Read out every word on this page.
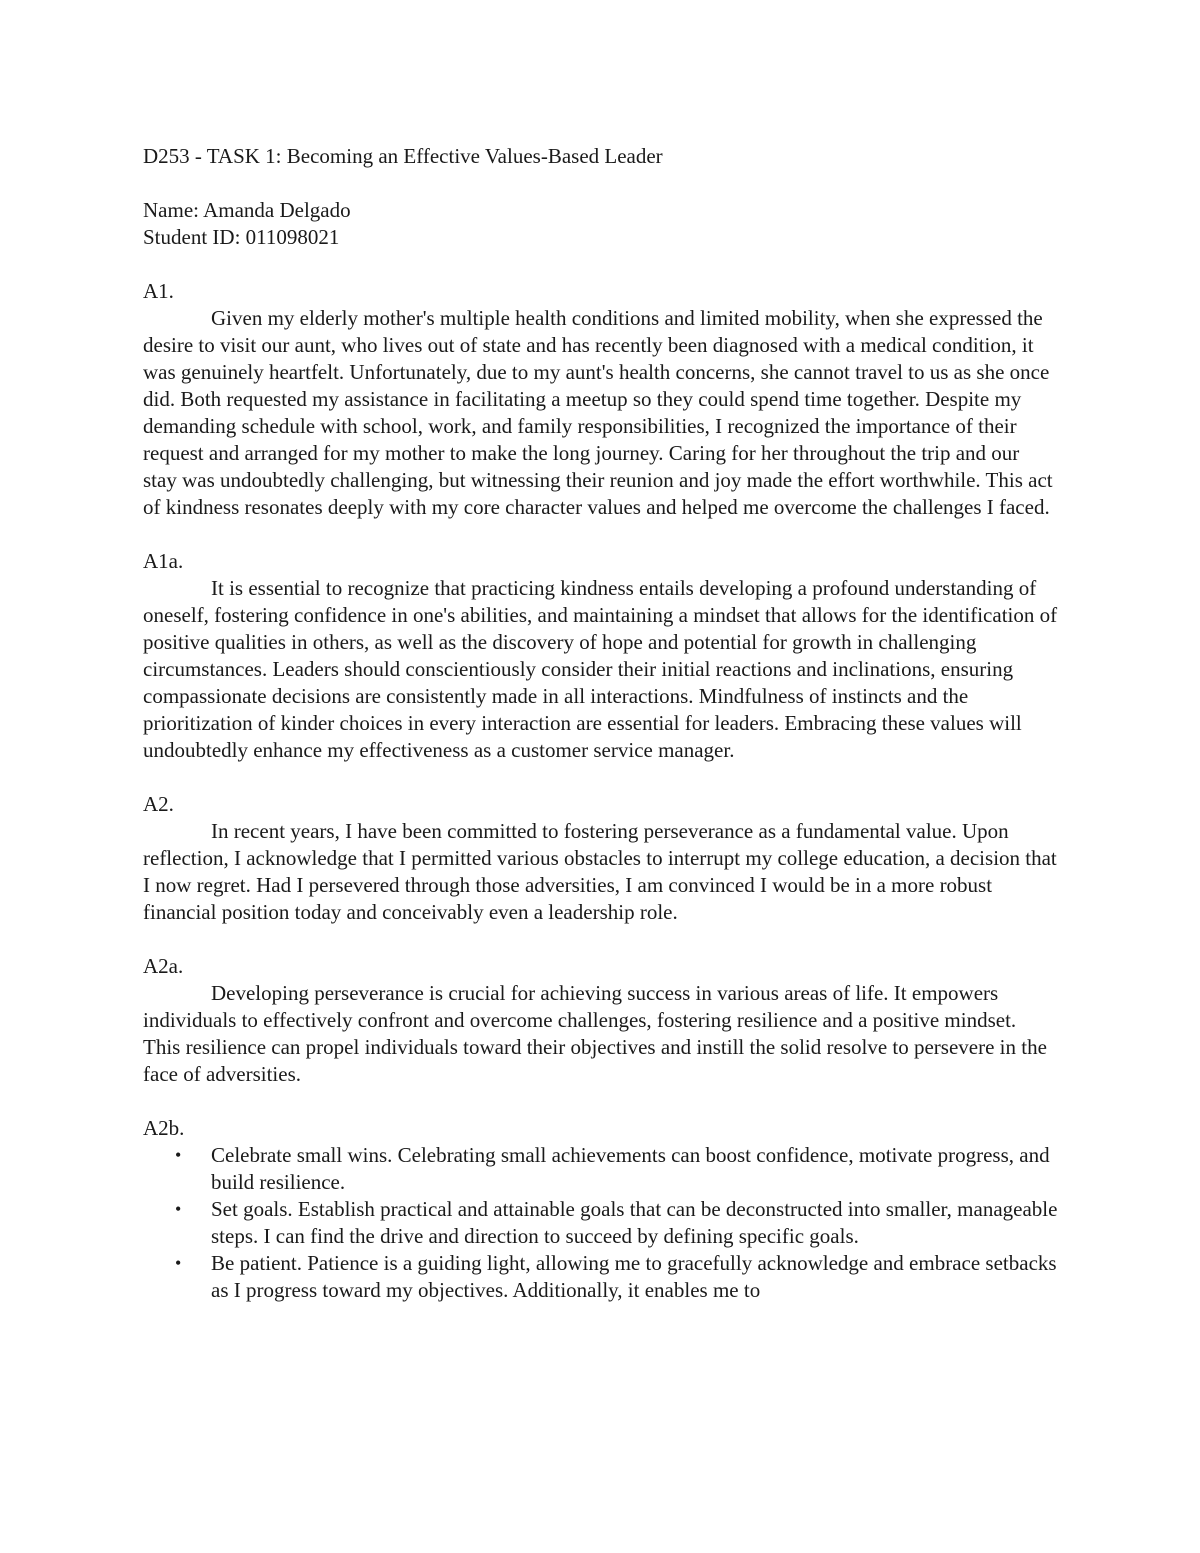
D253 - TASK 1: Becoming an Effective Values-Based Leader

Name: Amanda Delgado

Student ID: 011098021

A1.

Given my elderly mother's multiple health conditions and limited mobility, when she expressed the desire to visit our aunt, who lives out of state and has recently been diagnosed with a medical condition, it was genuinely heartfelt. Unfortunately, due to my aunt's health concerns, she cannot travel to us as she once did. Both requested my assistance in facilitating a meetup so they could spend time together. Despite my demanding schedule with school, work, and family responsibilities, I recognized the importance of their request and arranged for my mother to make the long journey. Caring for her throughout the trip and our stay was undoubtedly challenging, but witnessing their reunion and joy made the effort worthwhile. This act of kindness resonates deeply with my core character values and helped me overcome the challenges I faced.

A1a.

It is essential to recognize that practicing kindness entails developing a profound understanding of oneself, fostering confidence in one's abilities, and maintaining a mindset that allows for the identification of positive qualities in others, as well as the discovery of hope and potential for growth in challenging circumstances. Leaders should conscientiously consider their initial reactions and inclinations, ensuring compassionate decisions are consistently made in all interactions. Mindfulness of instincts and the prioritization of kinder choices in every interaction are essential for leaders. Embracing these values will undoubtedly enhance my effectiveness as a customer service manager.

A2.

In recent years, I have been committed to fostering perseverance as a fundamental value. Upon reflection, I acknowledge that I permitted various obstacles to interrupt my college education, a decision that I now regret. Had I persevered through those adversities, I am convinced I would be in a more robust financial position today and conceivably even a leadership role.

A2a.

Developing perseverance is crucial for achieving success in various areas of life. It empowers individuals to effectively confront and overcome challenges, fostering resilience and a positive mindset. This resilience can propel individuals toward their objectives and instill the solid resolve to persevere in the face of adversities.

A2b.

• Celebrate small wins. Celebrating small achievements can boost confidence, motivate progress, and build resilience.
• Set goals. Establish practical and attainable goals that can be deconstructed into smaller, manageable steps. I can find the drive and direction to succeed by defining specific goals.
• Be patient. Patience is a guiding light, allowing me to gracefully acknowledge and embrace setbacks as I progress toward my objectives. Additionally, it enables me to
